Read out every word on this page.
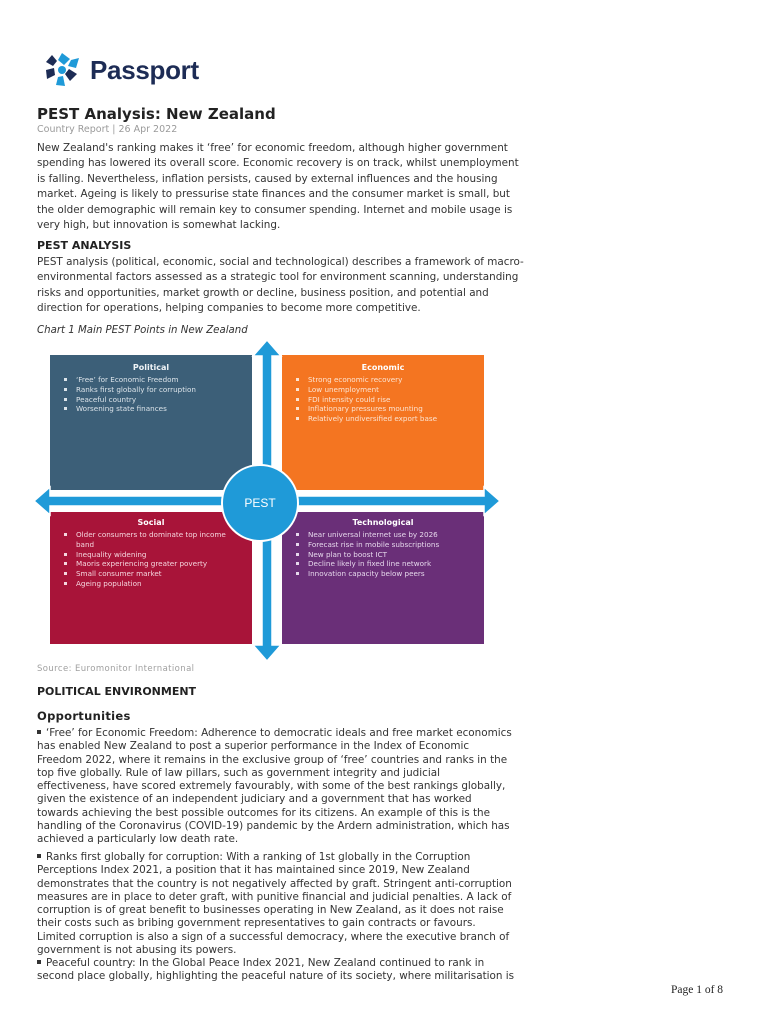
Passport
PEST Analysis: New Zealand
Country Report | 26 Apr 2022

New Zealand's ranking makes it ‘free’ for economic freedom, although higher government spending has lowered its overall score. Economic recovery is on track, whilst unemployment is falling. Nevertheless, inflation persists, caused by external influences and the housing market. Ageing is likely to pressurise state finances and the consumer market is small, but the older demographic will remain key to consumer spending. Internet and mobile usage is very high, but innovation is somewhat lacking.

PEST ANALYSIS

PEST analysis (political, economic, social and technological) describes a framework of macro-environmental factors assessed as a strategic tool for environment scanning, understanding risks and opportunities, market growth or decline, business position, and potential and direction for operations, helping companies to become more competitive.

Chart 1 Main PEST Points in New Zealand
Political
‘Free’ for Economic Freedom
Ranks first globally for corruption
Peaceful country
Worsening state finances
Economic
Strong economic recovery
Low unemployment
FDI intensity could rise
Inflationary pressures mounting
Relatively undiversified export base
Social
Older consumers to dominate top income
band
Inequality widening
Maoris experiencing greater poverty
Small consumer market
Ageing population
Technological
Near universal internet use by 2026
Forecast rise in mobile subscriptions
New plan to boost ICT
Decline likely in fixed line network
Innovation capacity below peers
PEST
Source: Euromonitor International
POLITICAL ENVIRONMENT
Opportunities

‘Free’ for Economic Freedom: Adherence to democratic ideals and free market economics has enabled New Zealand to post a superior performance in the Index of Economic Freedom 2022, where it remains in the exclusive group of ‘free’ countries and ranks in the top five globally. Rule of law pillars, such as government integrity and judicial effectiveness, have scored extremely favourably, with some of the best rankings globally, given the existence of an independent judiciary and a government that has worked towards achieving the best possible outcomes for its citizens. An example of this is the handling of the Coronavirus (COVID-19) pandemic by the Ardern administration, which has achieved a particularly low death rate.

Ranks first globally for corruption: With a ranking of 1st globally in the Corruption Perceptions Index 2021, a position that it has maintained since 2019, New Zealand demonstrates that the country is not negatively affected by graft. Stringent anti-corruption measures are in place to deter graft, with punitive financial and judicial penalties. A lack of corruption is of great benefit to businesses operating in New Zealand, as it does not raise their costs such as bribing government representatives to gain contracts or favours. Limited corruption is also a sign of a successful democracy, where the executive branch of government is not abusing its powers.

Peaceful country: In the Global Peace Index 2021, New Zealand continued to rank in second place globally, highlighting the peaceful nature of its society, where militarisation is

Page 1 of 8
